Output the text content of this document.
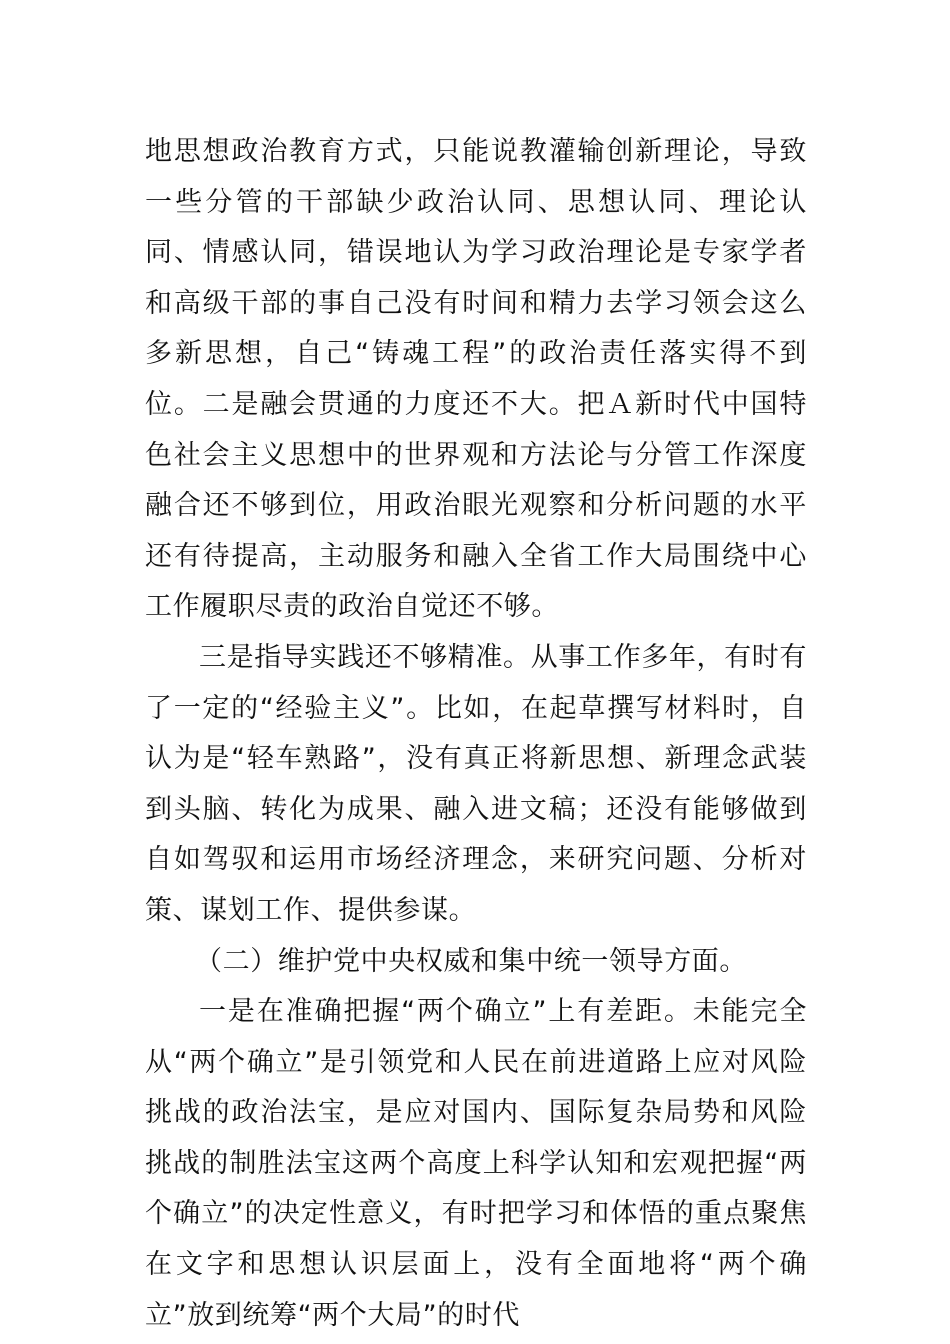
地思想政治教育方式，只能说教灌输创新理论，导致一些分管的干部缺少政治认同、思想认同、理论认同、情感认同，错误地认为学习政治理论是专家学者和高级干部的事自己没有时间和精力去学习领会这么多新思想，自己“铸魂工程”的政治责任落实得不到位。二是融会贯通的力度还不大。把Ａ新时代中国特色社会主义思想中的世界观和方法论与分管工作深度融合还不够到位，用政治眼光观察和分析问题的水平还有待提高，主动服务和融入全省工作大局围绕中心工作履职尽责的政治自觉还不够。

三是指导实践还不够精准。从事工作多年，有时有了一定的“经验主义”。比如，在起草撰写材料时，自认为是“轻车熟路”，没有真正将新思想、新理念武装到头脑、转化为成果、融入进文稿；还没有能够做到自如驾驭和运用市场经济理念，来研究问题、分析对策、谋划工作、提供参谋。

（二）维护党中央权威和集中统一领导方面。

一是在准确把握“两个确立”上有差距。未能完全从“两个确立”是引领党和人民在前进道路上应对风险挑战的政治法宝，是应对国内、国际复杂局势和风险挑战的制胜法宝这两个高度上科学认知和宏观把握“两个确立”的决定性意义，有时把学习和体悟的重点聚焦在文字和思想认识层面上，没有全面地将“两个确立”放到统筹“两个大局”的时代
